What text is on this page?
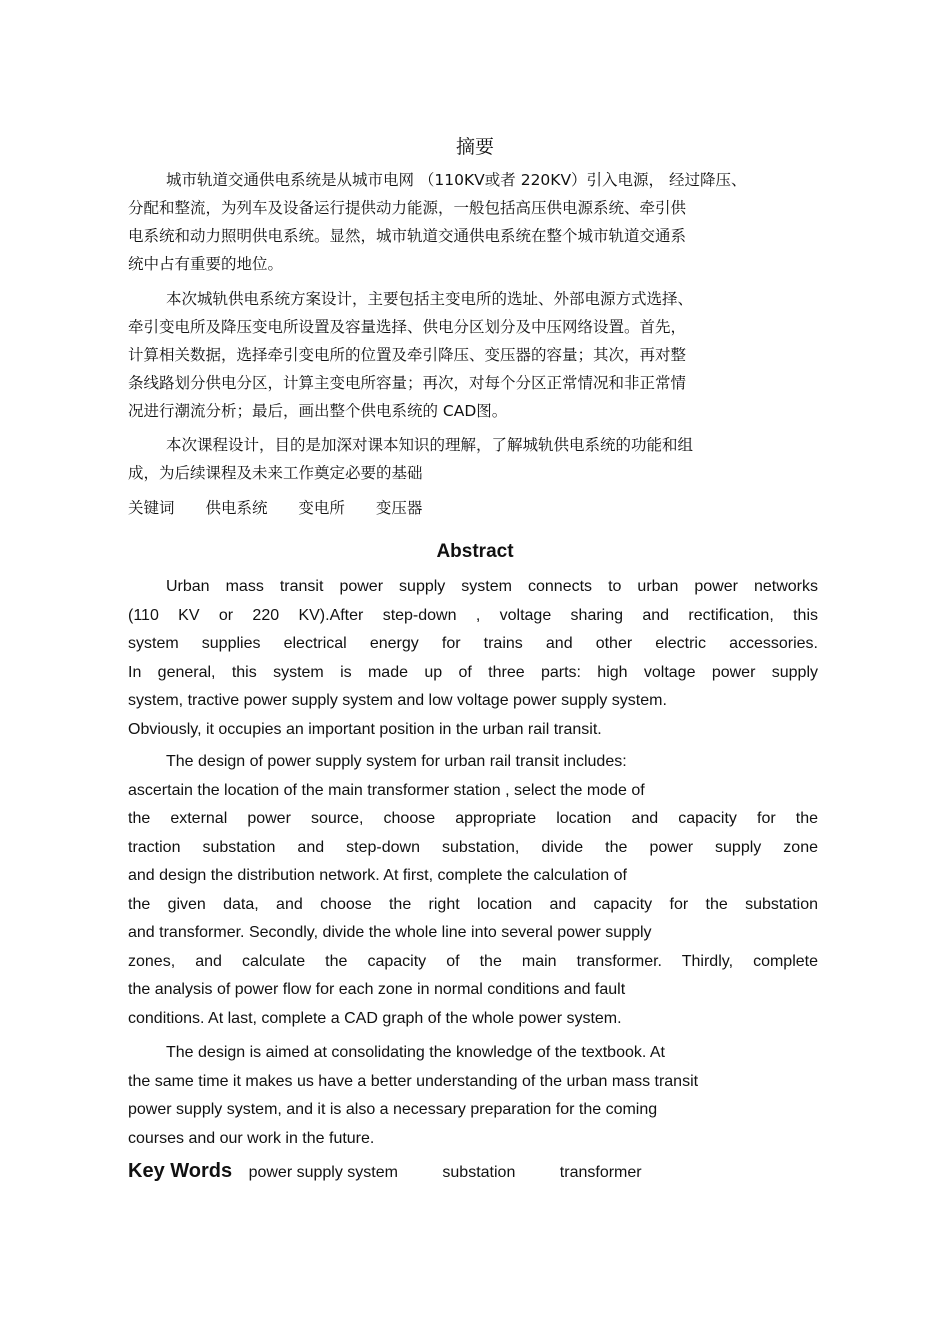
摘要
城市轨道交通供电系统是从城市电网 （110KV或者 220KV）引入电源， 经过降压、
分配和整流，为列车及设备运行提供动力能源，一般包括高压供电源系统、牵引供
电系统和动力照明供电系统。显然，城市轨道交通供电系统在整个城市轨道交通系
统中占有重要的地位。
本次城轨供电系统方案设计，主要包括主变电所的选址、外部电源方式选择、
牵引变电所及降压变电所设置及容量选择、供电分区划分及中压网络设置。首先，
计算相关数据，选择牵引变电所的位置及牵引降压、变压器的容量；其次，再对整
条线路划分供电分区，计算主变电所容量；再次，对每个分区正常情况和非正常情
况进行潮流分析；最后，画出整个供电系统的 CAD图。
本次课程设计，目的是加深对课本知识的理解，了解城轨供电系统的功能和组
成，为后续课程及未来工作奠定必要的基础
关键词 供电系统 变电所 变压器
Abstract
Urban mass transit power supply system connects to urban power networks
(110 KV or 220 KV).After step-down , voltage sharing and rectification, this
system supplies electrical energy for trains and other electric accessories.
In general, this system is made up of three parts: high voltage power supply
system, tractive power supply system and low voltage power supply system.
Obviously, it occupies an important position in the urban rail transit.
The design of power supply system for urban rail transit includes:
ascertain the location of the main transformer station , select the mode of
the external power source, choose appropriate location and capacity for the
traction substation and step-down substation, divide the power supply zone
and design the distribution network. At first, complete the calculation of
the given data, and choose the right location and capacity for the substation
and transformer. Secondly, divide the whole line into several power supply
zones, and calculate the capacity of the main transformer. Thirdly, complete
the analysis of power flow for each zone in normal conditions and fault
conditions. At last, complete a CAD graph of the whole power system.
The design is aimed at consolidating the knowledge of the textbook. At
the same time it makes us have a better understanding of the urban mass transit
power supply system, and it is also a necessary preparation for the coming
courses and our work in the future.
Key Words power supply system	substation	transformer
